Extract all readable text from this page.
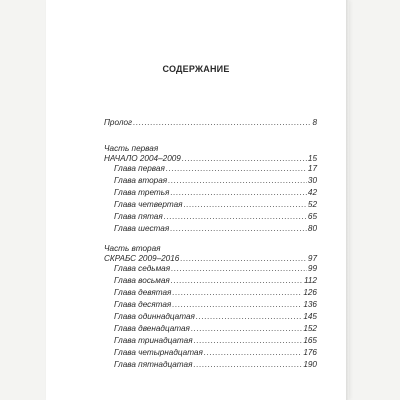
СОДЕРЖАНИЕ
Пролог .....	8
Часть первая
НАЧАЛО 2004–2009 .....	15
Глава первая .....	17
Глава вторая .....	30
Глава третья .....	42
Глава четвертая .....	52
Глава пятая .....	65
Глава шестая .....	80
Часть вторая
СКРАБС 2009–2016 .....	97
Глава седьмая .....	99
Глава восьмая .....	112
Глава девятая .....	126
Глава десятая .....	136
Глава одиннадцатая .....	145
Глава двенадцатая .....	152
Глава тринадцатая .....	165
Глава четырнадцатая .....	176
Глава пятнадцатая .....	190
